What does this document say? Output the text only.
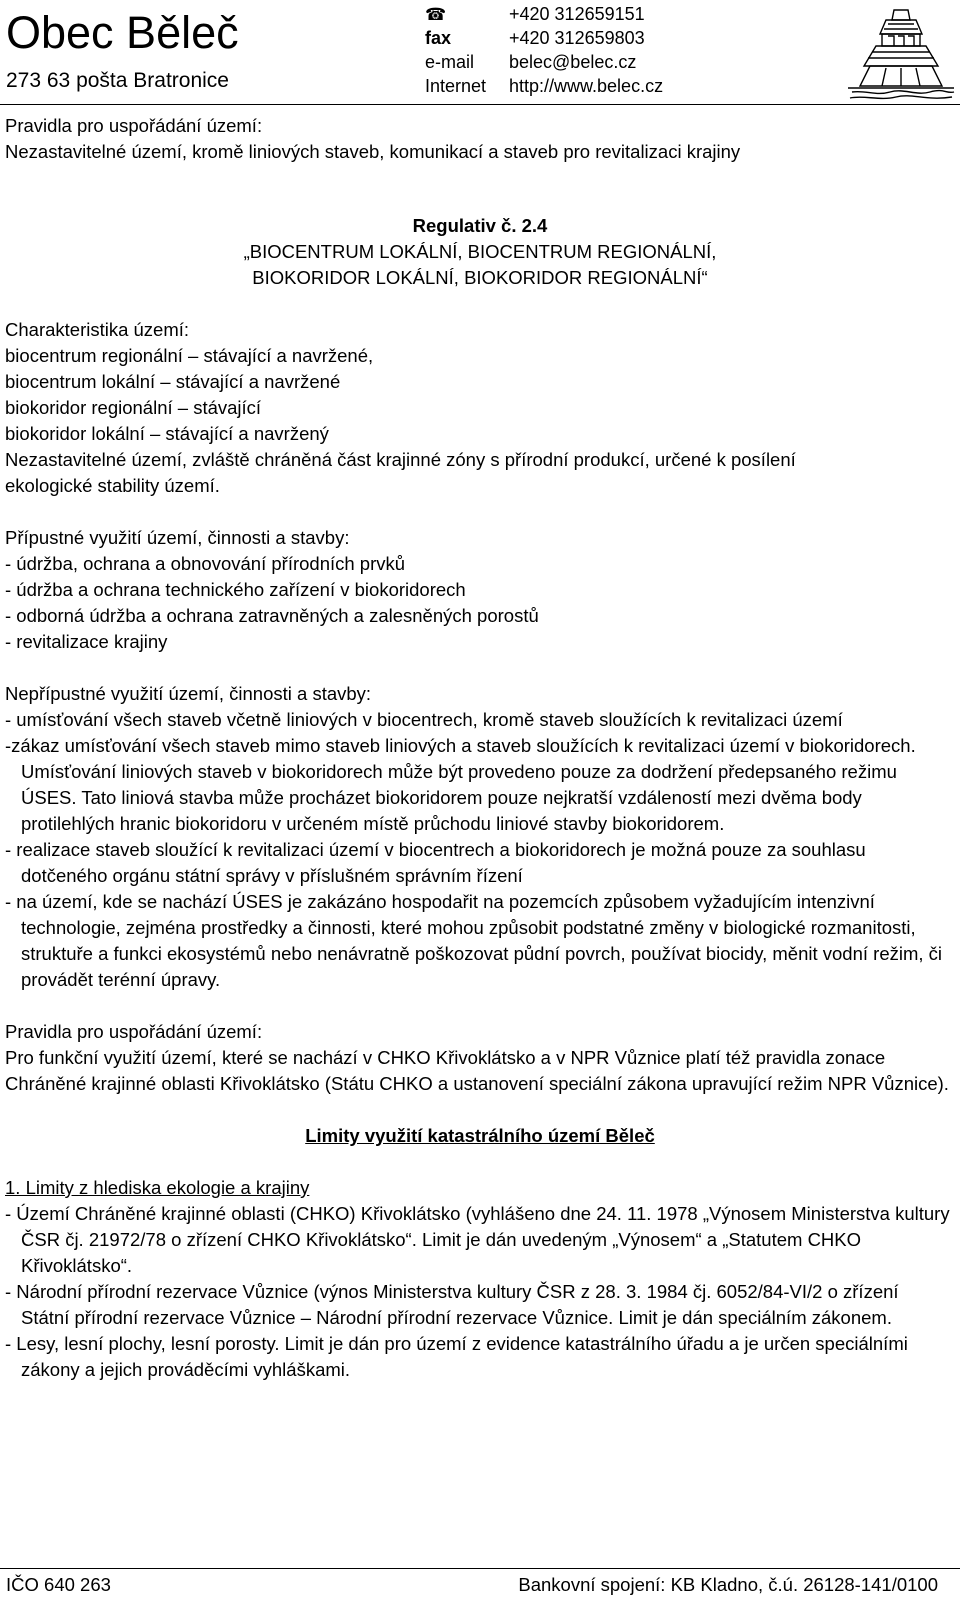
Obec Běleč
273 63 pošta Bratronice
☎	+420 312659151
fax	+420 312659803
e-mail	belec@belec.cz
Internet	http://www.belec.cz

Pravidla pro uspořádání území:

Nezastavitelné území, kromě liniových staveb, komunikací a staveb pro revitalizaci krajiny

Regulativ č. 2.4

„BIOCENTRUM LOKÁLNÍ, BIOCENTRUM REGIONÁLNÍ,

BIOKORIDOR LOKÁLNÍ, BIOKORIDOR REGIONÁLNÍ“

Charakteristika území:

biocentrum regionální – stávající a navržené,

biocentrum lokální – stávající a navržené

biokoridor regionální – stávající

biokoridor lokální – stávající a navržený

Nezastavitelné území, zvláště chráněná část krajinné zóny s přírodní produkcí, určené k posílení ekologické stability území.

Přípustné využití území, činnosti a stavby:

- údržba, ochrana a obnovování přírodních prvků

- údržba a ochrana technického zařízení v biokoridorech

- odborná údržba a ochrana zatravněných a zalesněných porostů

- revitalizace krajiny

Nepřípustné využití území, činnosti a stavby:

- umísťování všech staveb včetně liniových v biocentrech, kromě staveb sloužících k revitalizaci území

-zákaz umísťování všech staveb mimo staveb liniových a staveb sloužících k revitalizaci území v biokoridorech. Umísťování liniových staveb v biokoridorech může být provedeno pouze za dodržení předepsaného režimu ÚSES. Tato liniová stavba může procházet biokoridorem pouze nejkratší vzdáleností mezi dvěma body protilehlých hranic biokoridoru v určeném místě průchodu liniové stavby biokoridorem.

- realizace staveb sloužící k revitalizaci území v biocentrech a biokoridorech je možná pouze za souhlasu dotčeného orgánu státní správy v příslušném správním řízení

- na území, kde se nachází ÚSES je zakázáno hospodařit na pozemcích způsobem vyžadujícím intenzivní technologie, zejména prostředky a činnosti, které mohou způsobit podstatné změny v biologické rozmanitosti, struktuře a funkci ekosystémů nebo nenávratně poškozovat půdní povrch, používat biocidy, měnit vodní režim, či provádět terénní úpravy.

Pravidla pro uspořádání území:

Pro funkční využití území, které se nachází v CHKO Křivoklátsko a v NPR Vůznice platí též pravidla zonace Chráněné krajinné oblasti Křivoklátsko (Státu CHKO a ustanovení speciální zákona upravující režim NPR Vůznice).

Limity využití katastrálního území Běleč

1. Limity z hlediska ekologie a krajiny

- Území Chráněné krajinné oblasti (CHKO) Křivoklátsko (vyhlášeno dne 24. 11. 1978 „Výnosem Ministerstva kultury ČSR čj. 21972/78 o zřízení CHKO Křivoklátsko“. Limit je dán uvedeným „Výnosem“ a „Statutem CHKO Křivoklátsko“.

- Národní přírodní rezervace Vůznice (výnos Ministerstva kultury ČSR z 28. 3. 1984 čj. 6052/84-VI/2 o zřízení Státní přírodní rezervace Vůznice – Národní přírodní rezervace Vůznice. Limit je dán speciálním zákonem.

- Lesy, lesní plochy, lesní porosty. Limit je dán pro území z evidence katastrálního úřadu a je určen speciálními zákony a jejich prováděcími vyhláškami.

IČO 640 263	Bankovní spojení: KB Kladno, č.ú. 26128-141/0100
